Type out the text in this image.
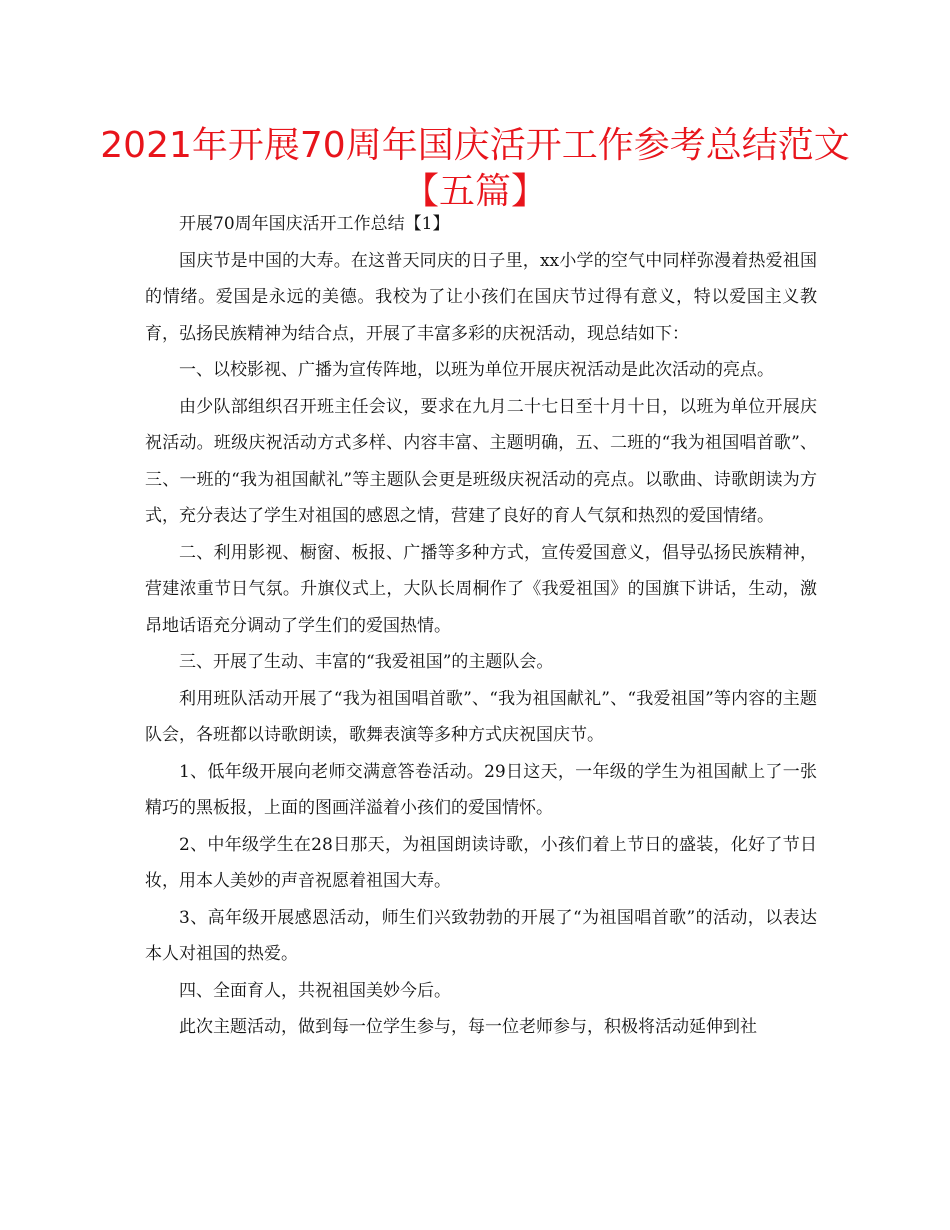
2021年开展70周年国庆活开工作参考总结范文
【五篇】

开展70周年国庆活开工作总结【1】

国庆节是中国的大寿。在这普天同庆的日子里，xx小学的空气中同样弥漫着热爱祖国的情绪。爱国是永远的美德。我校为了让小孩们在国庆节过得有意义，特以爱国主义教育，弘扬民族精神为结合点，开展了丰富多彩的庆祝活动，现总结如下：

一、以校影视、广播为宣传阵地，以班为单位开展庆祝活动是此次活动的亮点。

由少队部组织召开班主任会议，要求在九月二十七日至十月十日，以班为单位开展庆祝活动。班级庆祝活动方式多样、内容丰富、主题明确，五、二班的“我为祖国唱首歌”、三、一班的“我为祖国献礼”等主题队会更是班级庆祝活动的亮点。以歌曲、诗歌朗读为方式，充分表达了学生对祖国的感恩之情，营建了良好的育人气氛和热烈的爱国情绪。

二、利用影视、橱窗、板报、广播等多种方式，宣传爱国意义，倡导弘扬民族精神，营建浓重节日气氛。升旗仪式上，大队长周桐作了《我爱祖国》的国旗下讲话，生动，激昂地话语充分调动了学生们的爱国热情。

三、开展了生动、丰富的“我爱祖国”的主题队会。

利用班队活动开展了“我为祖国唱首歌”、“我为祖国献礼”、“我爱祖国”等内容的主题队会，各班都以诗歌朗读，歌舞表演等多种方式庆祝国庆节。

1、低年级开展向老师交满意答卷活动。29日这天，一年级的学生为祖国献上了一张精巧的黑板报，上面的图画洋溢着小孩们的爱国情怀。

2、中年级学生在28日那天，为祖国朗读诗歌，小孩们着上节日的盛装，化好了节日妆，用本人美妙的声音祝愿着祖国大寿。

3、高年级开展感恩活动，师生们兴致勃勃的开展了“为祖国唱首歌”的活动，以表达本人对祖国的热爱。

四、全面育人，共祝祖国美妙今后。

此次主题活动，做到每一位学生参与，每一位老师参与，积极将活动延伸到社
